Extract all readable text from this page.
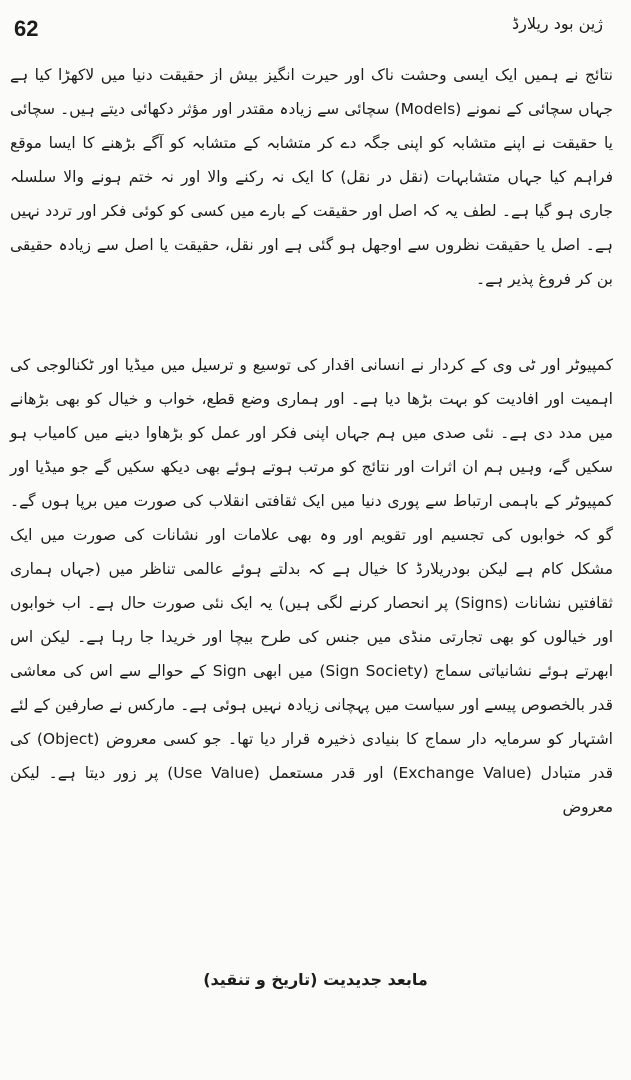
62	ژین بود ریلارڈ

نتائج نے ہمیں ایک ایسی وحشت ناک اور حیرت انگیز بیش از حقیقت دنیا میں لاکھڑا کیا ہے جہاں سچائی کے نمونے (Models) سچائی سے زیادہ مقتدر اور مؤثر دکھائی دیتے ہیں۔ سچائی یا حقیقت نے اپنے متشابہ کو اپنی جگہ دے کر متشابہ کے متشابہ کو آگے بڑھنے کا ایسا موقع فراہم کیا جہاں متشابہات (نقل در نقل) کا ایک نہ رکنے والا اور نہ ختم ہونے والا سلسلہ جاری ہو گیا ہے۔ لطف یہ کہ اصل اور حقیقت کے بارے میں کسی کو کوئی فکر اور تردد نہیں ہے۔ اصل یا حقیقت نظروں سے اوجھل ہو گئی ہے اور نقل، حقیقت یا اصل سے زیادہ حقیقی بن کر فروغ پذیر ہے۔

کمپیوٹر اور ٹی وی کے کردار نے انسانی اقدار کی توسیع و ترسیل میں میڈیا اور ٹکنالوجی کی اہمیت اور افادیت کو بہت بڑھا دیا ہے۔ اور ہماری وضع قطع، خواب و خیال کو بھی بڑھانے میں مدد دی ہے۔ نئی صدی میں ہم جہاں اپنی فکر اور عمل کو بڑھاوا دینے میں کامیاب ہو سکیں گے، وہیں ہم ان اثرات اور نتائج کو مرتب ہوتے ہوئے بھی دیکھ سکیں گے جو میڈیا اور کمپیوٹر کے باہمی ارتباط سے پوری دنیا میں ایک ثقافتی انقلاب کی صورت میں برپا ہوں گے۔ گو کہ خوابوں کی تجسیم اور تقویم اور وہ بھی علامات اور نشانات کی صورت میں ایک مشکل کام ہے لیکن بودریلارڈ کا خیال ہے کہ بدلتے ہوئے عالمی تناظر میں (جہاں ہماری ثقافتیں نشانات (Signs) پر انحصار کرنے لگی ہیں) یہ ایک نئی صورت حال ہے۔ اب خوابوں اور خیالوں کو بھی تجارتی منڈی میں جنس کی طرح بیچا اور خریدا جا رہا ہے۔ لیکن اس ابھرتے ہوئے نشانیاتی سماج (Sign Society) میں ابھی Sign کے حوالے سے اس کی معاشی قدر بالخصوص پیسے اور سیاست میں پہچانی زیادہ نہیں ہوئی ہے۔ مارکس نے صارفین کے لئے اشتہار کو سرمایہ دار سماج کا بنیادی ذخیرہ قرار دیا تھا۔ جو کسی معروض (Object) کی قدر متبادل (Exchange Value) اور قدر مستعمل (Use Value) پر زور دیتا ہے۔ لیکن معروض

مابعد جدیدیت (تاریخ و تنقید)
